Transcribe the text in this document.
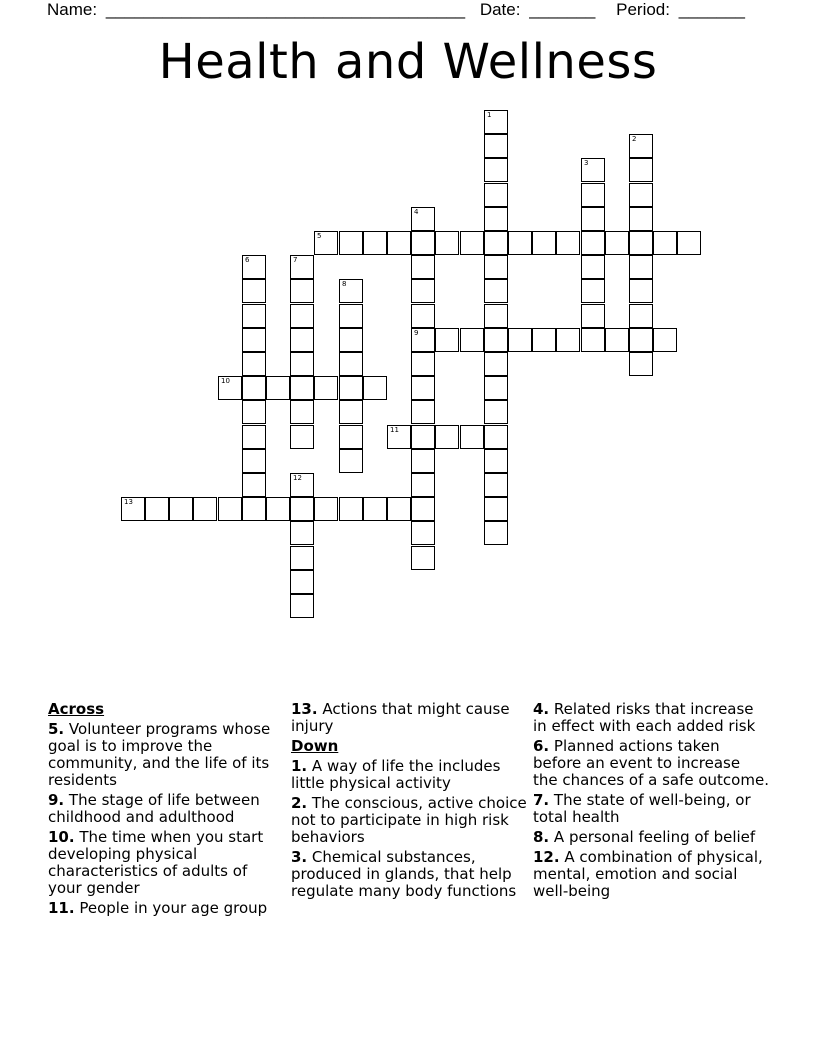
Name: ______________________________________ Date: _______ Period: _______
Health and Wellness
5
9
10
11
13
1
2
3
4
6	7
8
12
Across
5. Volunteer programs whose goal is to improve the community, and the life of its residents
9. The stage of life between childhood and adulthood
10. The time when you start developing physical characteristics of adults of your gender
11. People in your age group
13. Actions that might cause injury
Down
1. A way of life the includes little physical activity
2. The conscious, active choice not to participate in high risk behaviors
3. Chemical substances, produced in glands, that help regulate many body functions
4. Related risks that increase in effect with each added risk
6. Planned actions taken before an event to increase the chances of a safe outcome.
7. The state of well-being, or total health
8. A personal feeling of belief
12. A combination of physical, mental, emotion and social well-being
